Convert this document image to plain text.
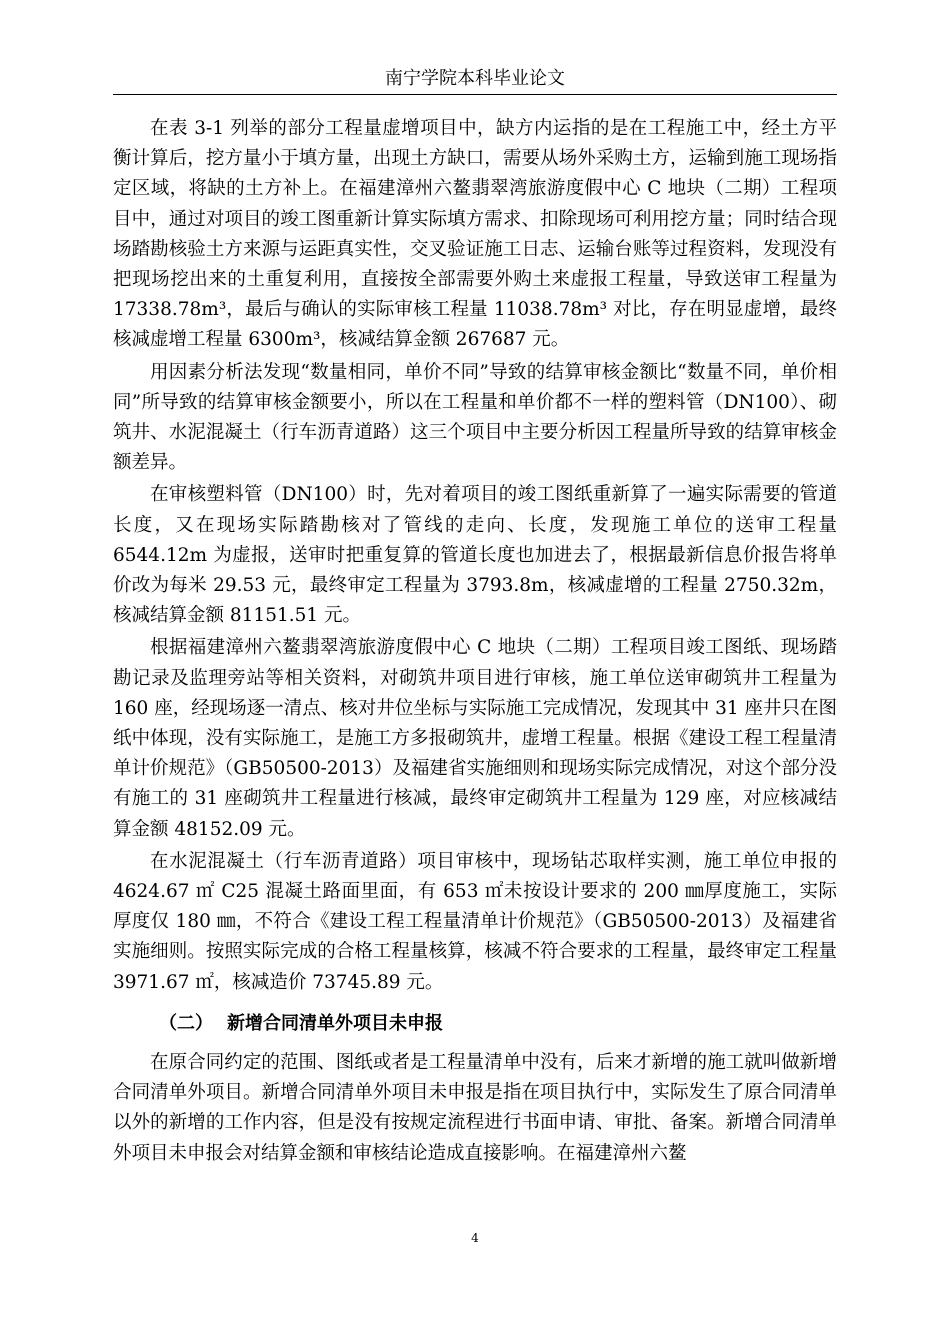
南宁学院本科毕业论文

在表 3-1 列举的部分工程量虚增项目中，缺方内运指的是在工程施工中，经土方平衡计算后，挖方量小于填方量，出现土方缺口，需要从场外采购土方，运输到施工现场指定区域，将缺的土方补上。在福建漳州六鳌翡翠湾旅游度假中心 C 地块（二期）工程项目中，通过对项目的竣工图重新计算实际填方需求、扣除现场可利用挖方量；同时结合现场踏勘核验土方来源与运距真实性，交叉验证施工日志、运输台账等过程资料，发现没有把现场挖出来的土重复利用，直接按全部需要外购土来虚报工程量，导致送审工程量为 17338.78m³，最后与确认的实际审核工程量 11038.78m³ 对比，存在明显虚增，最终核减虚增工程量 6300m³，核减结算金额 267687 元。

用因素分析法发现“数量相同，单价不同”导致的结算审核金额比“数量不同，单价相同”所导致的结算审核金额要小，所以在工程量和单价都不一样的塑料管（DN100）、砌筑井、水泥混凝土（行车沥青道路）这三个项目中主要分析因工程量所导致的结算审核金额差异。

在审核塑料管（DN100）时，先对着项目的竣工图纸重新算了一遍实际需要的管道长度，又在现场实际踏勘核对了管线的走向、长度，发现施工单位的送审工程量 6544.12m 为虚报，送审时把重复算的管道长度也加进去了，根据最新信息价报告将单价改为每米 29.53 元，最终审定工程量为 3793.8m，核减虚增的工程量 2750.32m，核减结算金额 81151.51 元。

根据福建漳州六鳌翡翠湾旅游度假中心 C 地块（二期）工程项目竣工图纸、现场踏勘记录及监理旁站等相关资料，对砌筑井项目进行审核，施工单位送审砌筑井工程量为 160 座，经现场逐一清点、核对井位坐标与实际施工完成情况，发现其中 31 座井只在图纸中体现，没有实际施工，是施工方多报砌筑井，虚增工程量。根据《建设工程工程量清单计价规范》（GB50500-2013）及福建省实施细则和现场实际完成情况，对这个部分没有施工的 31 座砌筑井工程量进行核减，最终审定砌筑井工程量为 129 座，对应核减结算金额 48152.09 元。

在水泥混凝土（行车沥青道路）项目审核中，现场钻芯取样实测，施工单位申报的 4624.67 ㎡ C25 混凝土路面里面，有 653 ㎡未按设计要求的 200 ㎜厚度施工，实际厚度仅 180 ㎜，不符合《建设工程工程量清单计价规范》（GB50500-2013）及福建省实施细则。按照实际完成的合格工程量核算，核减不符合要求的工程量，最终审定工程量 3971.67 ㎡，核减造价 73745.89 元。

（二） 新增合同清单外项目未申报

在原合同约定的范围、图纸或者是工程量清单中没有，后来才新增的施工就叫做新增合同清单外项目。新增合同清单外项目未申报是指在项目执行中，实际发生了原合同清单以外的新增的工作内容，但是没有按规定流程进行书面申请、审批、备案。新增合同清单外项目未申报会对结算金额和审核结论造成直接影响。在福建漳州六鳌

4
